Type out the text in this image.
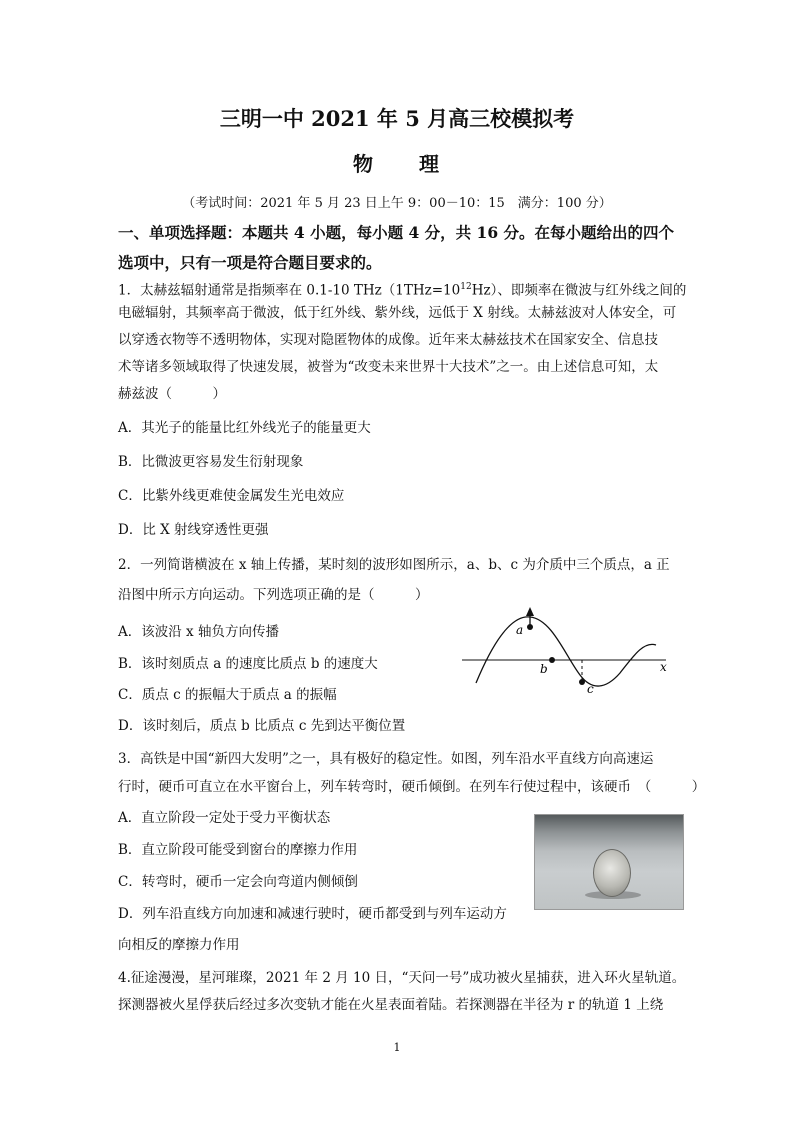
三明一中 2021 年 5 月高三校模拟考
物 理
（考试时间：2021 年 5 月 23 日上午 9：00－10：15　满分：100 分）
一、单项选择题：本题共 4 小题，每小题 4 分，共 16 分。在每小题给出的四个
选项中，只有一项是符合题目要求的。
1．太赫兹辐射通常是指频率在 0.1-10 $THz(1THz=10^{12}Hz)$、即频率在微波与红外线之间的
电磁辐射，其频率高于微波，低于红外线、紫外线，远低于 X 射线。太赫兹波对人体安全，可
以穿透衣物等不透明物体，实现对隐匿物体的成像。近年来太赫兹技术在国家安全、信息技
术等诸多领域取得了快速发展，被誉为“改变未来世界十大技术”之一。由上述信息可知，太
赫兹波（　　　）
A．其光子的能量比红外线光子的能量更大
B．比微波更容易发生衍射现象
C．比紫外线更难使金属发生光电效应
D．比 X 射线穿透性更强
2．一列简谐横波在 x 轴上传播，某时刻的波形如图所示，a、b、c 为介质中三个质点，a 正
沿图中所示方向运动。下列选项正确的是（　　　）
A．该波沿 x 轴负方向传播
B．该时刻质点 a 的速度比质点 b 的速度大
C．质点 c 的振幅大于质点 a 的振幅
D．该时刻后，质点 b 比质点 c 先到达平衡位置
a
b
c
x
3．高铁是中国“新四大发明”之一，具有极好的稳定性。如图，列车沿水平直线方向高速运
行时，硬币可直立在水平窗台上，列车转弯时，硬币倾倒。在列车行使过程中，该硬币　（　　　）
A．直立阶段一定处于受力平衡状态
B．直立阶段可能受到窗台的摩擦力作用
C．转弯时，硬币一定会向弯道内侧倾倒
D．列车沿直线方向加速和减速行驶时，硬币都受到与列车运动方
向相反的摩擦力作用
4.征途漫漫，星河璀璨，2021 年 2 月 10 日，“天问一号”成功被火星捕获，进入环火星轨道。
探测器被火星俘获后经过多次变轨才能在火星表面着陆。若探测器在半径为 r 的轨道 1 上绕
1
